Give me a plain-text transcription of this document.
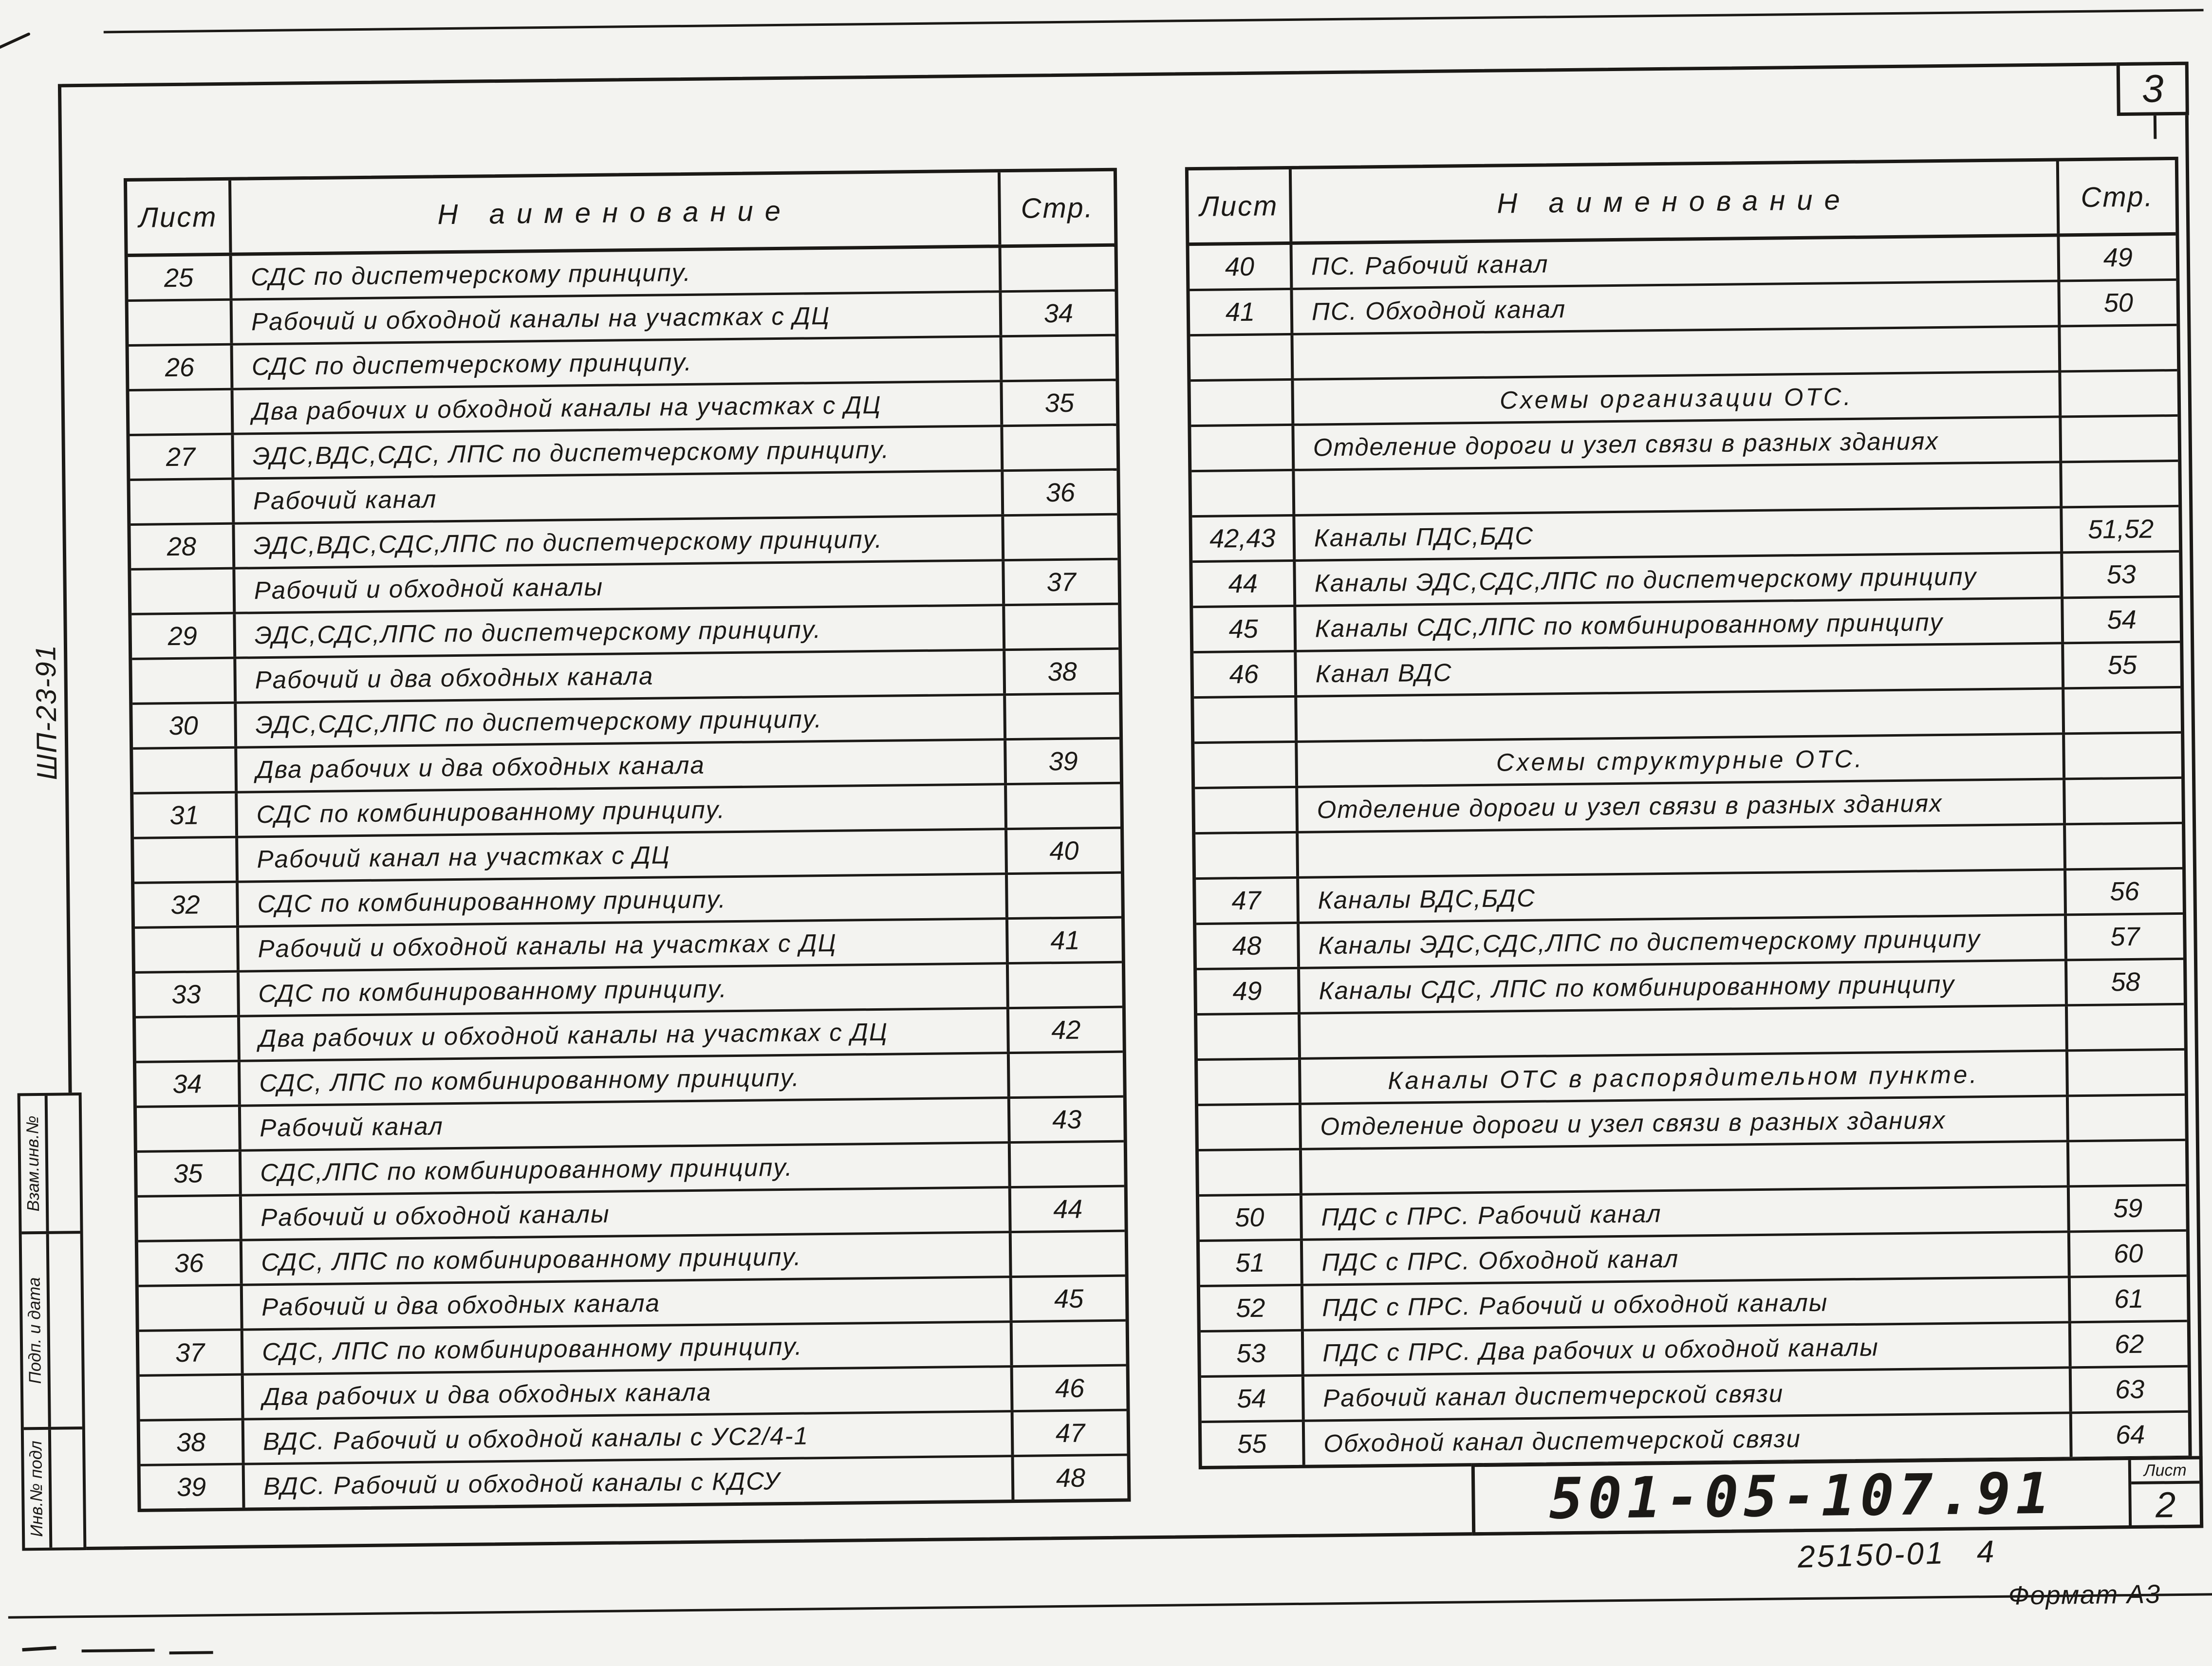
3
Лист	Н аименование	Стр.
25	СДС по диспетчерскому принципу.
Рабочий и обходной каналы на участках с ДЦ	34
26	СДС по диспетчерскому принципу.
Два рабочих и обходной каналы на участках с ДЦ	35
27	ЭДС,ВДС,СДС, ЛПС по диспетчерскому принципу.
Рабочий канал	36
28	ЭДС,ВДС,СДС,ЛПС по диспетчерскому принципу.
Рабочий и обходной каналы	37
29	ЭДС,СДС,ЛПС по диспетчерскому принципу.
Рабочий и два обходных канала	38
30	ЭДС,СДС,ЛПС по диспетчерскому принципу.
Два рабочих и два обходных канала	39
31	СДС по комбинированному принципу.
Рабочий канал на участках с ДЦ	40
32	СДС по комбинированному принципу.
Рабочий и обходной каналы на участках с ДЦ	41
33	СДС по комбинированному принципу.
Два рабочих и обходной каналы на участках с ДЦ	42
34	СДС, ЛПС по комбинированному принципу.
Рабочий канал	43
35	СДС,ЛПС по комбинированному принципу.
Рабочий и обходной каналы	44
36	СДС, ЛПС по комбинированному принципу.
Рабочий и два обходных канала	45
37	СДС, ЛПС по комбинированному принципу.
Два рабочих и два обходных канала	46
38	ВДС. Рабочий и обходной каналы с УС2/4-1	47
39	ВДС. Рабочий и обходной каналы с КДСУ	48
Лист	Н аименование	Стр.
40	ПС. Рабочий канал	49
41	ПС. Обходной канал	50
Схемы организации ОТС.
Отделение дороги и узел связи в разных зданиях
42,43	Каналы ПДС,БДС	51,52
44	Каналы ЭДС,СДС,ЛПС по диспетчерскому принципу	53
45	Каналы СДС,ЛПС по комбинированному принципу	54
46	Канал ВДС	55
Схемы структурные ОТС.
Отделение дороги и узел связи в разных зданиях
47	Каналы ВДС,БДС	56
48	Каналы ЭДС,СДС,ЛПС по диспетчерскому принципу	57
49	Каналы СДС, ЛПС по комбинированному принципу	58
Каналы ОТС в распорядительном пункте.
Отделение дороги и узел связи в разных зданиях
50	ПДС с ПРС. Рабочий канал	59
51	ПДС с ПРС. Обходной канал	60
52	ПДС с ПРС. Рабочий и обходной каналы	61
53	ПДС с ПРС. Два рабочих и обходной каналы	62
54	Рабочий канал диспетчерской связи	63
55	Обходной канал диспетчерской связи	64
501-05-107.91	Лист
2
25150-01   4
Формат А3
Взам.инв.№
Подп. и дата
Инв.№ подл
ШП-23-91
